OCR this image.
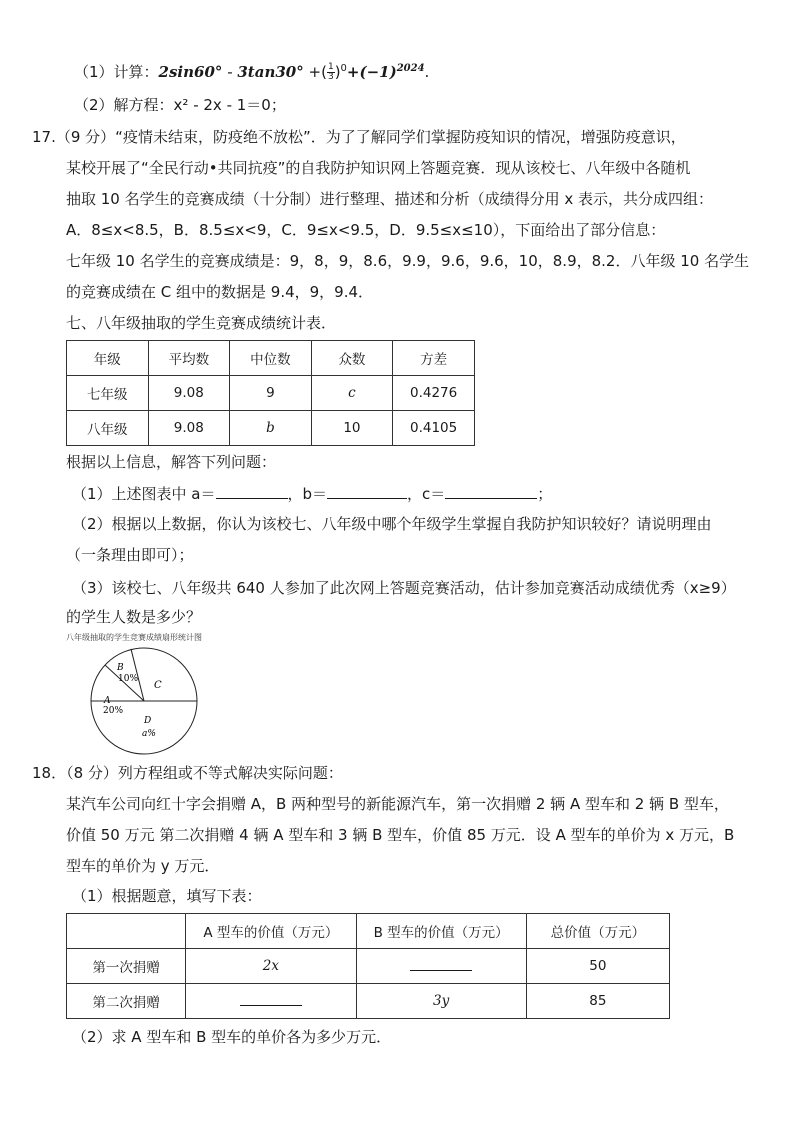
（1）计算：2sin60° - 3tan30° +( $\frac{1}{3} )^0+(-1)^{2024}$.
（2）解方程：x² - 2x - 1＝0；
17.（9 分）“疫情未结束，防疫绝不放松”．为了了解同学们掌握防疫知识的情况，增强防疫意识，
某校开展了“全民行动•共同抗疫”的自我防护知识网上答题竞赛．现从该校七、八年级中各随机
抽取 10 名学生的竞赛成绩（十分制）进行整理、描述和分析（成绩得分用 x 表示，共分成四组：
A．8≤x<8.5，B．8.5≤x<9，C．9≤x<9.5，D．9.5≤x≤10），下面给出了部分信息：
七年级 10 名学生的竞赛成绩是：9，8，9，8.6，9.9，9.6，9.6，10，8.9，8.2．八年级 10 名学生
的竞赛成绩在 C 组中的数据是 9.4，9，9.4．
七、八年级抽取的学生竞赛成绩统计表．
年级	平均数	中位数	众数	方差
七年级	9.08	9	c	0.4276
八年级	9.08	b	10	0.4105
根据以上信息，解答下列问题：
（1）上述图表中 a＝	，b＝	，c＝	；
（2）根据以上数据，你认为该校七、八年级中哪个年级学生掌握自我防护知识较好？请说明理由
（一条理由即可）；
（3）该校七、八年级共 640 人参加了此次网上答题竞赛活动，估计参加竞赛活动成绩优秀（x≥9）
的学生人数是多少？
八年级抽取的学生竞赛成绩扇形统计图
B
10%
A
20%
C
D
a%
18．（8 分）列方程组或不等式解决实际问题：
某汽车公司向红十字会捐赠 A，B 两种型号的新能源汽车，第一次捐赠 2 辆 A 型车和 2 辆 B 型车，
价值 50 万元 第二次捐赠 4 辆 A 型车和 3 辆 B 型车，价值 85 万元．设 A 型车的单价为 x 万元，B
型车的单价为 y 万元．
（1）根据题意，填写下表：
	A 型车的价值（万元）	B 型车的价值（万元）	总价值（万元）
第一次捐赠	2x		50
第二次捐赠		3y	85
（2）求 A 型车和 B 型车的单价各为多少万元．
